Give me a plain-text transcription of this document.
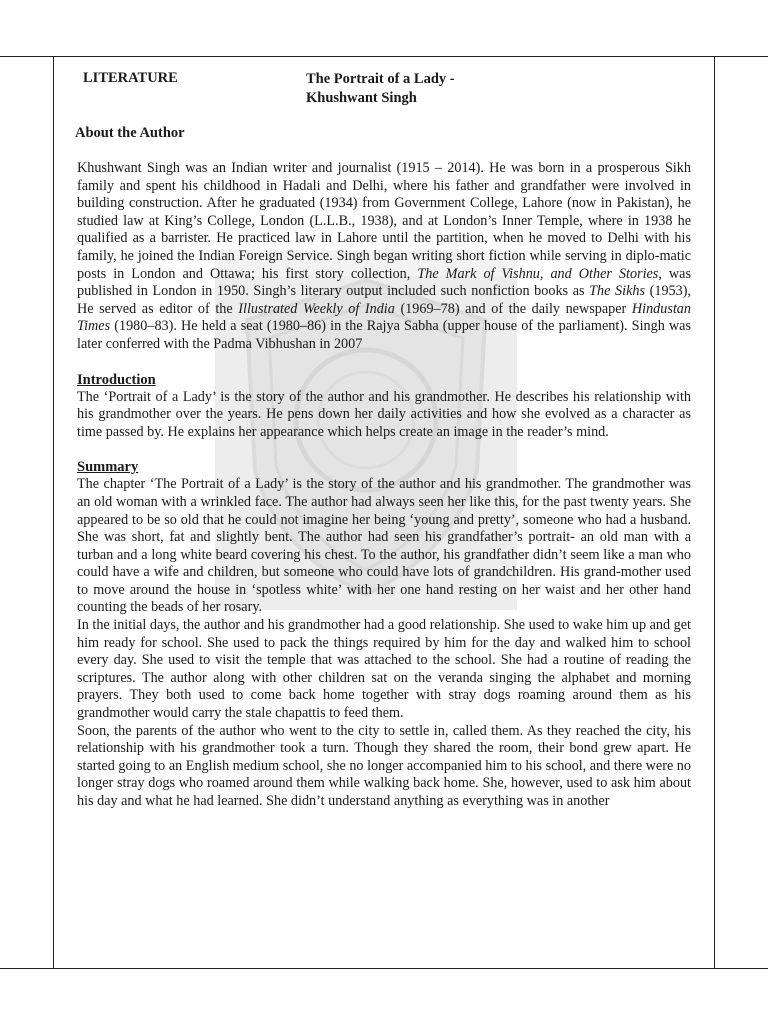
LITERATURE	The Portrait of a Lady -
Khushwant Singh
About the Author

Khushwant Singh was an Indian writer and journalist (1915 – 2014). He was born in a prosperous Sikh family and spent his childhood in Hadali and Delhi, where his father and grandfather were involved in building construction. After he graduated (1934) from Government College, Lahore (now in Pakistan), he studied law at King’s College, London (L.L.B., 1938), and at London’s Inner Temple, where in 1938 he qualified as a barrister. He practiced law in Lahore until the partition, when he moved to Delhi with his family, he joined the Indian Foreign Service. Singh began writing short fiction while serving in diplo-matic posts in London and Ottawa; his first story collection, The Mark of Vishnu, and Other Stories, was published in London in 1950. Singh’s literary output included such nonfiction books as The Sikhs (1953), He served as editor of the Illustrated Weekly of India (1969–78) and of the daily newspaper Hindustan Times (1980–83). He held a seat (1980–86) in the Rajya Sabha (upper house of the parliament). Singh was later conferred with the Padma Vibhushan in 2007

Introduction

The ‘Portrait of a Lady’ is the story of the author and his grandmother. He describes his relationship with his grandmother over the years. He pens down her daily activities and how she evolved as a character as time passed by. He explains her appearance which helps create an image in the reader’s mind.

Summary

The chapter ‘The Portrait of a Lady’ is the story of the author and his grandmother. The grandmother was an old woman with a wrinkled face. The author had always seen her like this, for the past twenty years. She appeared to be so old that he could not imagine her being ‘young and pretty’, someone who had a husband. She was short, fat and slightly bent. The author had seen his grandfather’s portrait- an old man with a turban and a long white beard covering his chest. To the author, his grandfather didn’t seem like a man who could have a wife and children, but someone who could have lots of grandchildren. His grand-mother used to move around the house in ‘spotless white’ with her one hand resting on her waist and her other hand counting the beads of her rosary.

In the initial days, the author and his grandmother had a good relationship. She used to wake him up and get him ready for school. She used to pack the things required by him for the day and walked him to school every day. She used to visit the temple that was attached to the school. She had a routine of reading the scriptures. The author along with other children sat on the veranda singing the alphabet and morning prayers. They both used to come back home together with stray dogs roaming around them as his grandmother would carry the stale chapattis to feed them.

Soon, the parents of the author who went to the city to settle in, called them. As they reached the city, his relationship with his grandmother took a turn. Though they shared the room, their bond grew apart. He started going to an English medium school, she no longer accompanied him to his school, and there were no longer stray dogs who roamed around them while walking back home. She, however, used to ask him about his day and what he had learned. She didn’t understand anything as everything was in another
